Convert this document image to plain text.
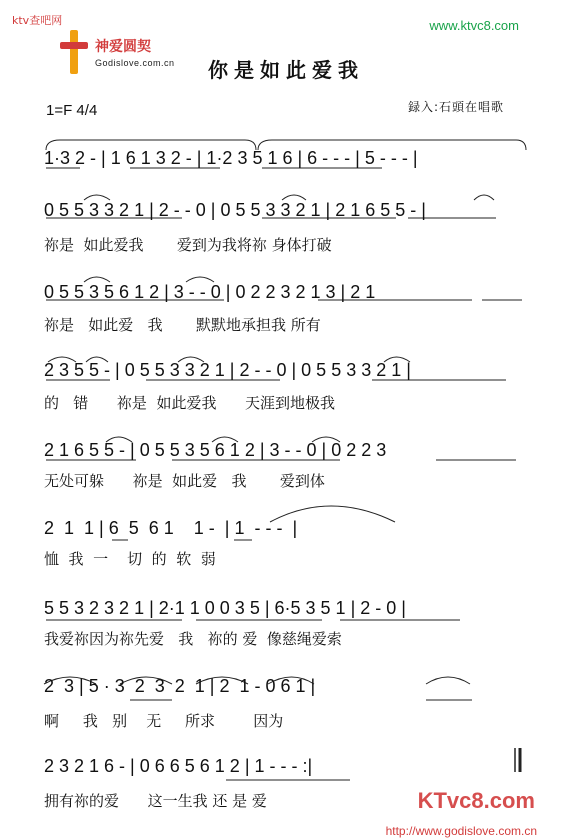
ktv查吧网
神爱圆契
Godislove.com.cn
www.ktvc8.com
你是如此爱我
1=F 4/4	録入:石頭在唱歌
1·3 2 - | 1 6 1 3 2 - | 1·2 3 5 1 6 | 6 - - - | 5 - - - |
0 5 5 3 3 2 1 | 2 - - 0 | 0 5 5 3 3 2 1 | 2 1 6 5 5 - |
祢是  如此爱我       爱到为我将祢 身体打破
0 5 5 3 5 6 1 2 | 3 - - 0 | 0 2 2 3 2 1 3 | 2 1
祢是   如此爱   我       默默地承担我 所有
2 3 5 5 - | 0 5 5 3 3 2 1 | 2 - - 0 | 0 5 5 3 3 2 1 |
的   错      祢是  如此爱我      天涯到地极我
2 1 6 5 5 - | 0 5 5 3 5 6 1 2 | 3 - - 0 | 0 2 2 3
无处可躲      祢是  如此爱   我       爱到体
2  1  1 | 6  5  6 1    1 -  | 1  - - -  |
恤  我  一    切  的  软  弱
5 5 3 2 3 2 1 | 2·1 1 0 0 3 5 | 6·5 3 5 1 | 2 - 0 |
我爱祢因为祢先爱   我   祢的 爱  像慈绳爱索
2  3 | 5 · 3  2  3  2  1 | 2  1 - 0 6 1 |
啊     我   别    无     所求        因为
2 3 2 1 6 - | 0 6 6 5 6 1 2 | 1 - - - :|
拥有祢的爱      这一生我 还 是 爱	KTvc8.com
http://www.godislove.com.cn
